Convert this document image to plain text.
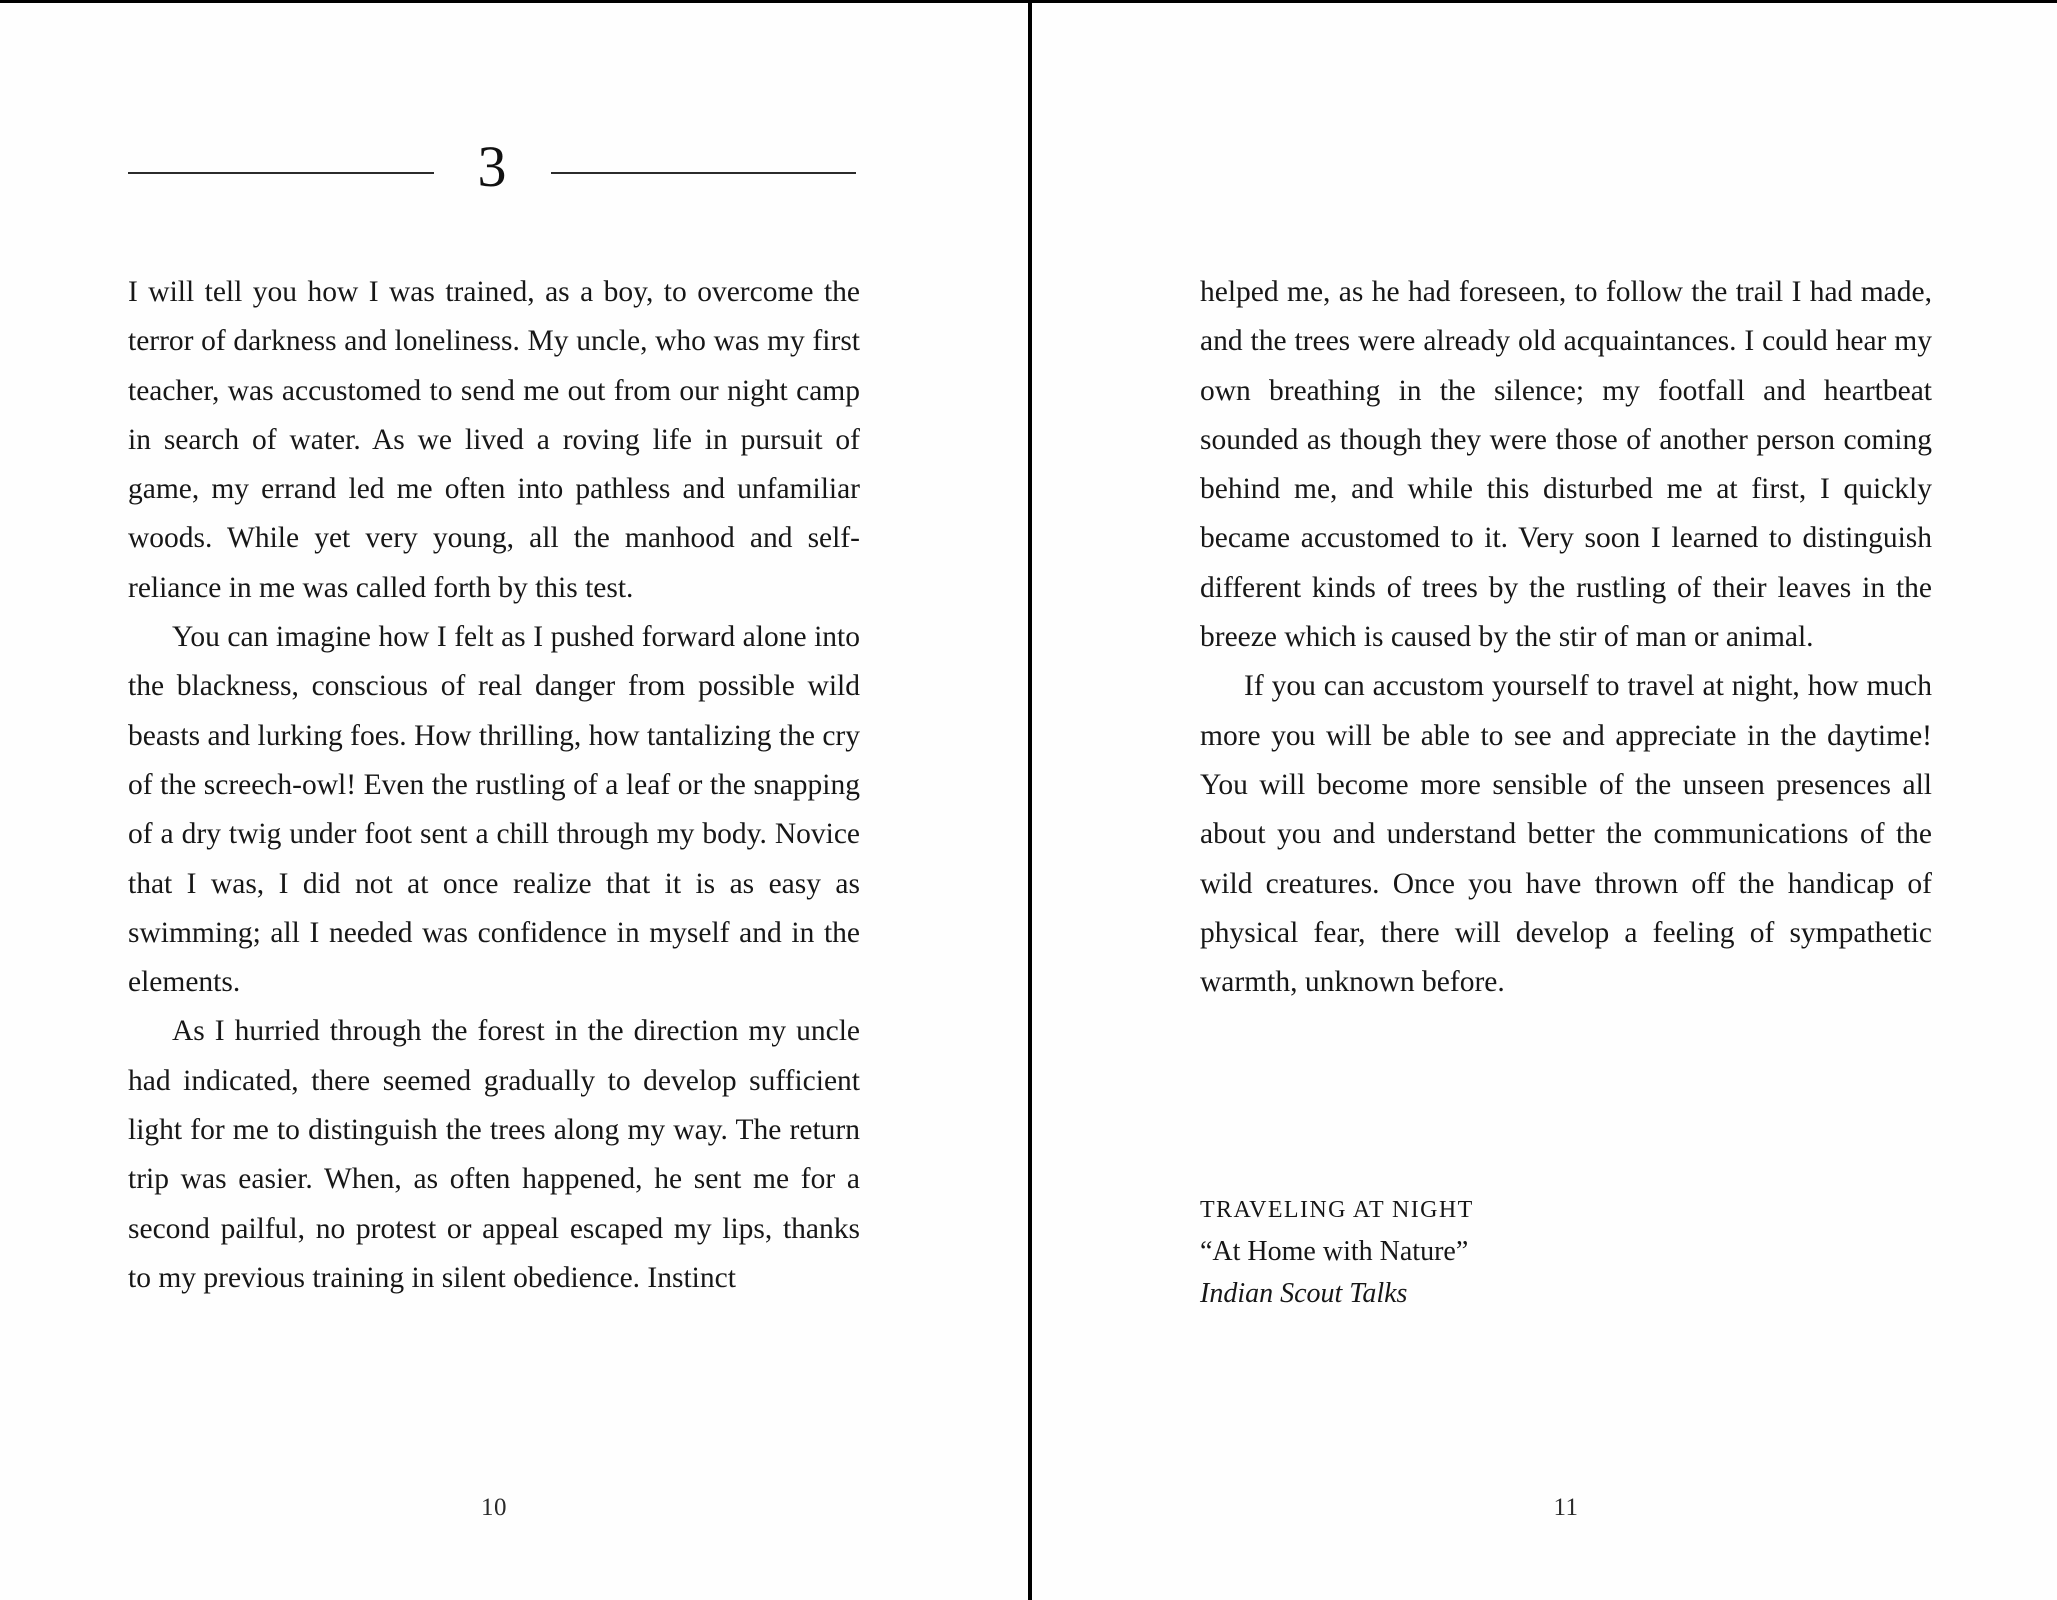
3

I will tell you how I was trained, as a boy, to overcome the terror of darkness and loneliness. My uncle, who was my first teacher, was accustomed to send me out from our night camp in search of water. As we lived a roving life in pursuit of game, my errand led me often into pathless and unfamiliar woods. While yet very young, all the manhood and self-reliance in me was called forth by this test.

You can imagine how I felt as I pushed forward alone into the blackness, conscious of real danger from possible wild beasts and lurking foes. How thrilling, how tantalizing the cry of the screech-owl! Even the rustling of a leaf or the snapping of a dry twig under foot sent a chill through my body. Novice that I was, I did not at once realize that it is as easy as swimming; all I needed was confidence in myself and in the elements.

As I hurried through the forest in the direction my uncle had indicated, there seemed gradually to develop sufficient light for me to distinguish the trees along my way. The return trip was easier. When, as often happened, he sent me for a second pailful, no protest or appeal escaped my lips, thanks to my previous training in silent obedience. Instinct

10

helped me, as he had foreseen, to follow the trail I had made, and the trees were already old acquaintances. I could hear my own breathing in the silence; my footfall and heartbeat sounded as though they were those of another person coming behind me, and while this disturbed me at first, I quickly became accustomed to it. Very soon I learned to distinguish different kinds of trees by the rustling of their leaves in the breeze which is caused by the stir of man or animal.

If you can accustom yourself to travel at night, how much more you will be able to see and appreciate in the daytime! You will become more sensible of the unseen presences all about you and understand better the communications of the wild creatures. Once you have thrown off the handicap of physical fear, there will develop a feeling of sympathetic warmth, unknown before.

TRAVELING AT NIGHT
“At Home with Nature”
Indian Scout Talks
11
